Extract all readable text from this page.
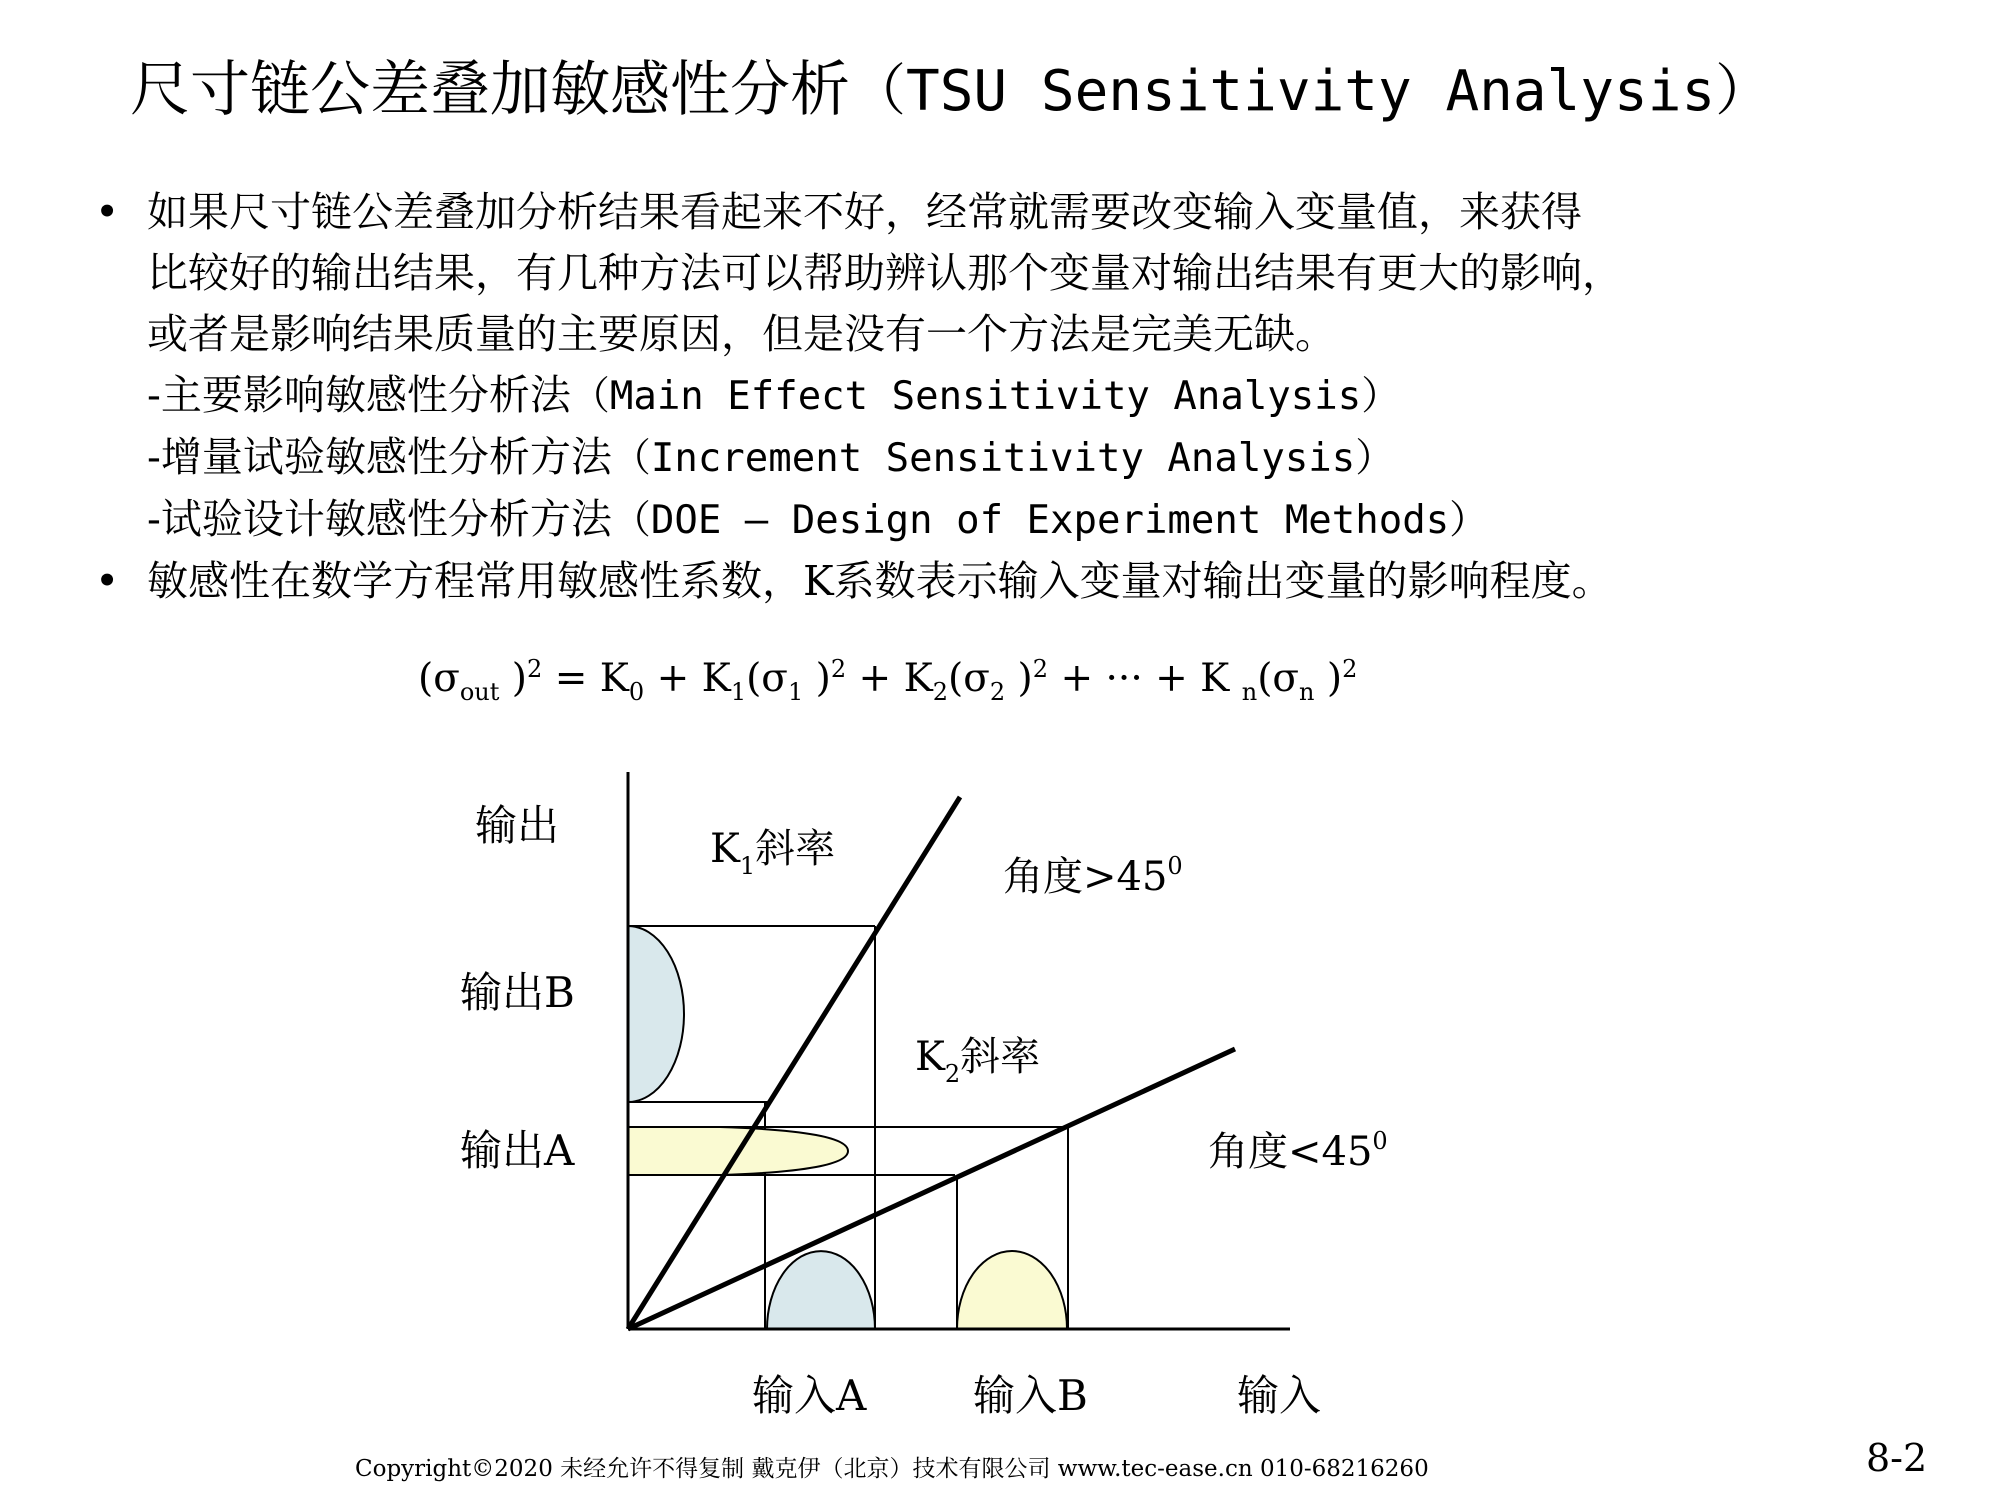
尺寸链公差叠加敏感性分析（TSU Sensitivity Analysis）
• 如果尺寸链公差叠加分析结果看起来不好，经常就需要改变输入变量值，来获得
比较好的输出结果，有几种方法可以帮助辨认那个变量对输出结果有更大的影响，
或者是影响结果质量的主要原因，但是没有一个方法是完美无缺。
-主要影响敏感性分析法（Main Effect Sensitivity Analysis）
-增量试验敏感性分析方法（Increment Sensitivity Analysis）
-试验设计敏感性分析方法（DOE – Design of Experiment Methods）
• 敏感性在数学方程常用敏感性系数，K系数表示输入变量对输出变量的影响程度。
($\sigma_{out}$ )$^2 = K_0 + K_1(\sigma_1$ )$^2 + K_2(\sigma_2$ )$^2$ + ··· + K $_n(\sigma_n$ )$^2$
输出
输出B
输出A
$K_1$斜率
角度$>45^0$
$K_2$斜率
角度$<45^0$
输入A	输入B	输入
Copyright©2020 未经允许不得复制 戴克伊（北京）技术有限公司 www.tec-ease.cn 010-68216260	8-2
